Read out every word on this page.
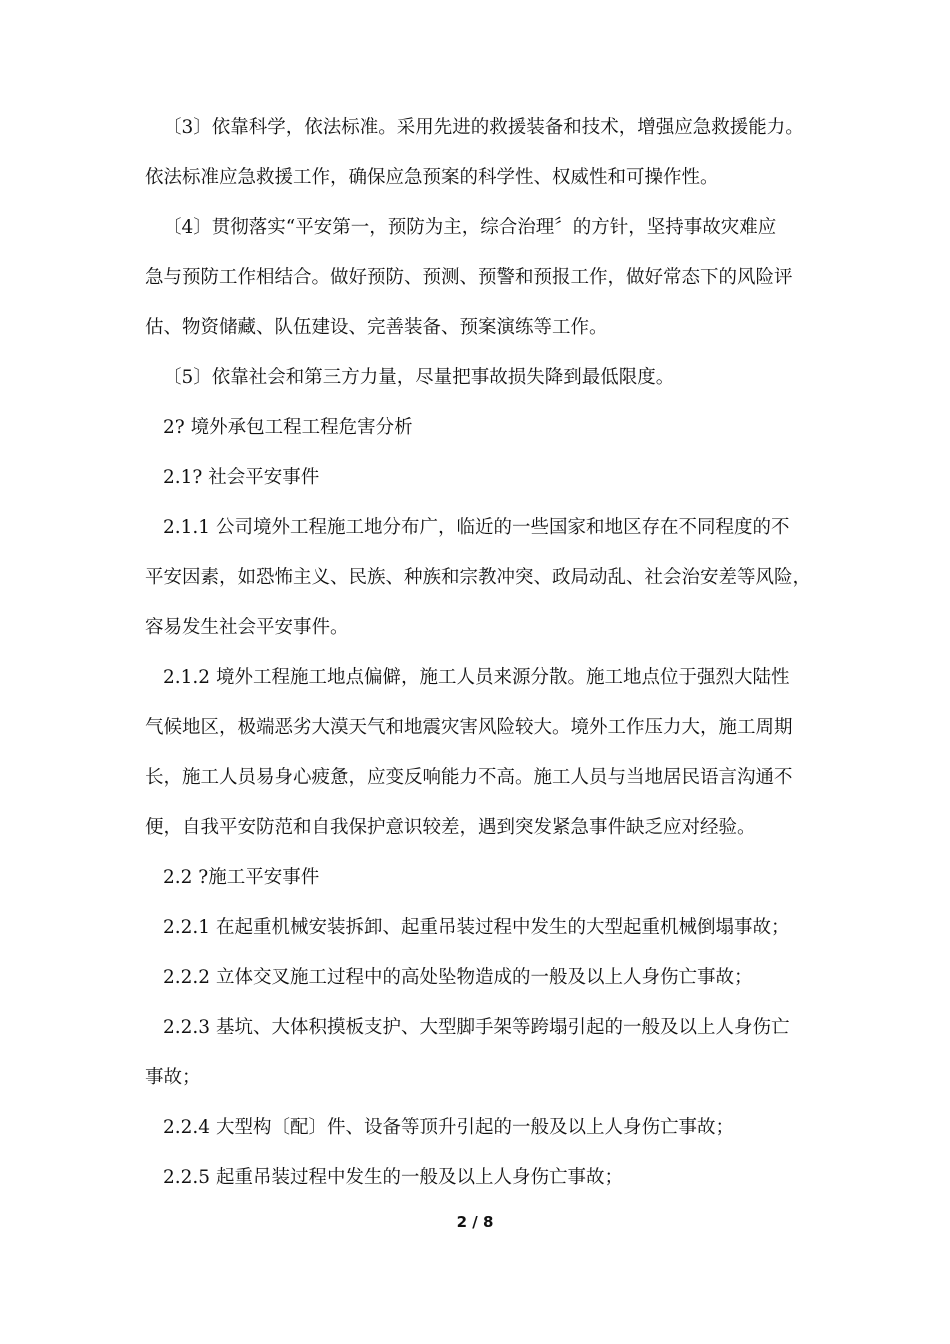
〔3〕依靠科学，依法标准。采用先进的救援装备和技术，增强应急救援能力。
依法标准应急救援工作，确保应急预案的科学性、权威性和可操作性。
〔4〕贯彻落实“平安第一，预防为主，综合治理〞的方针，坚持事故灾难应
急与预防工作相结合。做好预防、预测、预警和预报工作，做好常态下的风险评
估、物资储藏、队伍建设、完善装备、预案演练等工作。
〔5〕依靠社会和第三方力量，尽量把事故损失降到最低限度。
2? 境外承包工程工程危害分析
2.1? 社会平安事件
2.1.1 公司境外工程施工地分布广，临近的一些国家和地区存在不同程度的不
平安因素，如恐怖主义、民族、种族和宗教冲突、政局动乱、社会治安差等风险，
容易发生社会平安事件。
2.1.2 境外工程施工地点偏僻，施工人员来源分散。施工地点位于强烈大陆性
气候地区，极端恶劣大漠天气和地震灾害风险较大。境外工作压力大，施工周期
长，施工人员易身心疲惫，应变反响能力不高。施工人员与当地居民语言沟通不
便，自我平安防范和自我保护意识较差，遇到突发紧急事件缺乏应对经验。
2.2 ?施工平安事件
2.2.1 在起重机械安装拆卸、起重吊装过程中发生的大型起重机械倒塌事故；
2.2.2 立体交叉施工过程中的高处坠物造成的一般及以上人身伤亡事故；
2.2.3 基坑、大体积摸板支护、大型脚手架等跨塌引起的一般及以上人身伤亡
事故；
2.2.4 大型构〔配〕件、设备等顶升引起的一般及以上人身伤亡事故；
2.2.5 起重吊装过程中发生的一般及以上人身伤亡事故；
2 / 8
